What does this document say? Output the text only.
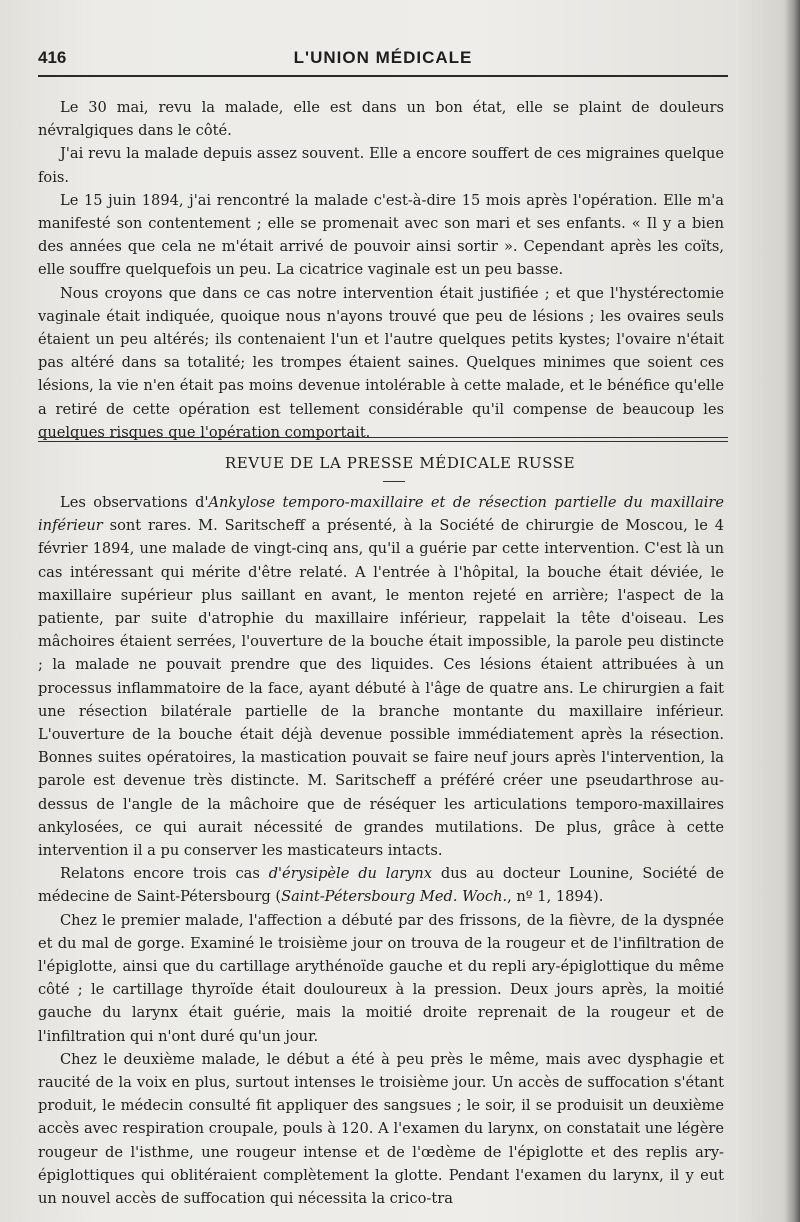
416	L'UNION MÉDICALE

Le 30 mai, revu la malade, elle est dans un bon état, elle se plaint de douleurs névralgiques dans le côté.

J'ai revu la malade depuis assez souvent. Elle a encore souffert de ces migraines quelque fois.

Le 15 juin 1894, j'ai rencontré la malade c'est-à-dire 15 mois après l'opération. Elle m'a manifesté son contentement ; elle se promenait avec son mari et ses enfants. « Il y a bien des années que cela ne m'était arrivé de pouvoir ainsi sortir ». Cependant après les coïts, elle souffre quelquefois un peu. La cicatrice vaginale est un peu basse.

Nous croyons que dans ce cas notre intervention était justifiée ; et que l'hystérectomie vaginale était indiquée, quoique nous n'ayons trouvé que peu de lésions ; les ovaires seuls étaient un peu altérés; ils contenaient l'un et l'autre quelques petits kystes; l'ovaire n'était pas altéré dans sa totalité; les trompes étaient saines. Quelques minimes que soient ces lésions, la vie n'en était pas moins devenue intolérable à cette malade, et le bénéfice qu'elle a retiré de cette opération est tellement considérable qu'il compense de beaucoup les quelques risques que l'opération comportait.

REVUE DE LA PRESSE MÉDICALE RUSSE

Les observations d'Ankylose temporo-maxillaire et de résection partielle du maxillaire inférieur sont rares. M. Saritscheff a présenté, à la Société de chirurgie de Moscou, le 4 février 1894, une malade de vingt-cinq ans, qu'il a guérie par cette intervention. C'est là un cas intéressant qui mérite d'être relaté. A l'entrée à l'hôpital, la bouche était déviée, le maxillaire supérieur plus saillant en avant, le menton rejeté en arrière; l'aspect de la patiente, par suite d'atrophie du maxillaire inférieur, rappelait la tête d'oiseau. Les mâchoires étaient serrées, l'ouverture de la bouche était impossible, la parole peu distincte ; la malade ne pouvait prendre que des liquides. Ces lésions étaient attribuées à un processus inflammatoire de la face, ayant débuté à l'âge de quatre ans. Le chirurgien a fait une résection bilatérale partielle de la branche montante du maxillaire inférieur. L'ouverture de la bouche était déjà devenue possible immédiatement après la résection. Bonnes suites opératoires, la mastication pouvait se faire neuf jours après l'intervention, la parole est devenue très distincte. M. Saritscheff a préféré créer une pseudarthrose au-dessus de l'angle de la mâchoire que de réséquer les articulations temporo-maxillaires ankylosées, ce qui aurait nécessité de grandes mutilations. De plus, grâce à cette intervention il a pu conserver les masticateurs intacts.

Relatons encore trois cas d'érysipèle du larynx dus au docteur Lounine, Société de médecine de Saint-Pétersbourg (Saint-Pétersbourg Med. Woch., nº 1, 1894).

Chez le premier malade, l'affection a débuté par des frissons, de la fièvre, de la dyspnée et du mal de gorge. Examiné le troisième jour on trouva de la rougeur et de l'infiltration de l'épiglotte, ainsi que du cartillage arythénoïde gauche et du repli ary-épiglottique du même côté ; le cartillage thyroïde était douloureux à la pression. Deux jours après, la moitié gauche du larynx était guérie, mais la moitié droite reprenait de la rougeur et de l'infiltration qui n'ont duré qu'un jour.

Chez le deuxième malade, le début a été à peu près le même, mais avec dysphagie et raucité de la voix en plus, surtout intenses le troisième jour. Un accès de suffocation s'étant produit, le médecin consulté fit appliquer des sangsues ; le soir, il se produisit un deuxième accès avec respiration croupale, pouls à 120. A l'examen du larynx, on constatait une légère rougeur de l'isthme, une rougeur intense et de l'œdème de l'épiglotte et des replis ary-épiglottiques qui oblitéraient complètement la glotte. Pendant l'examen du larynx, il y eut un nouvel accès de suffocation qui nécessita la crico-tra
